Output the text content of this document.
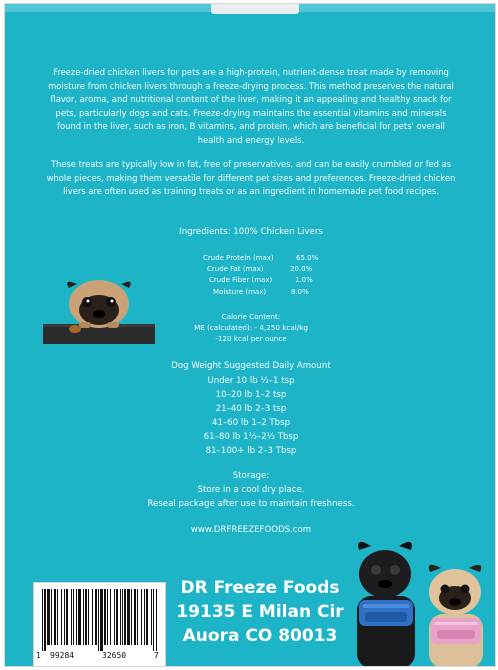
Freeze-dried chicken livers for pets are a high-protein, nutrient-dense treat made by removing moisture from chicken livers through a freeze-drying process. This method preserves the natural flavor, aroma, and nutritional content of the liver, making it an appealing and healthy snack for pets, particularly dogs and cats. Freeze-drying maintains the essential vitamins and minerals found in the liver, such as iron, B vitamins, and protein, which are beneficial for pets' overall health and energy levels.
These treats are typically low in fat, free of preservatives, and can be easily crumbled or fed as whole pieces, making them versatile for different pet sizes and preferences. Freeze-dried chicken livers are often used as training treats or as an ingredient in homemade pet food recipes.
Ingredients: 100% Chicken Livers
Crude Protein (max)	65.0%
Crude Fat (max)	20.0%
Crude Fiber (max)	1.0%
Moisture (max)	8.0%
Calorie Content:
ME (calculated): - 4,250 kcal/kg
-120 kcal per ounce
Dog Weight Suggested Daily Amount
Under 10 lb ½–1 tsp
10–20 lb 1–2 tsp
21–40 lb 2–3 tsp
41–60 lb 1–2 Tbsp
61–80 lb 1½–2½ Tbsp
81–100+ lb 2–3 Tbsp
Storage:
Store in a cool dry place.
Reseal package after use to maintain freshness.
www.DRFREEZEFOODS.com
DR Freeze Foods
19135 E Milan Cir
Auora CO 80013
1 99284	32650	7
